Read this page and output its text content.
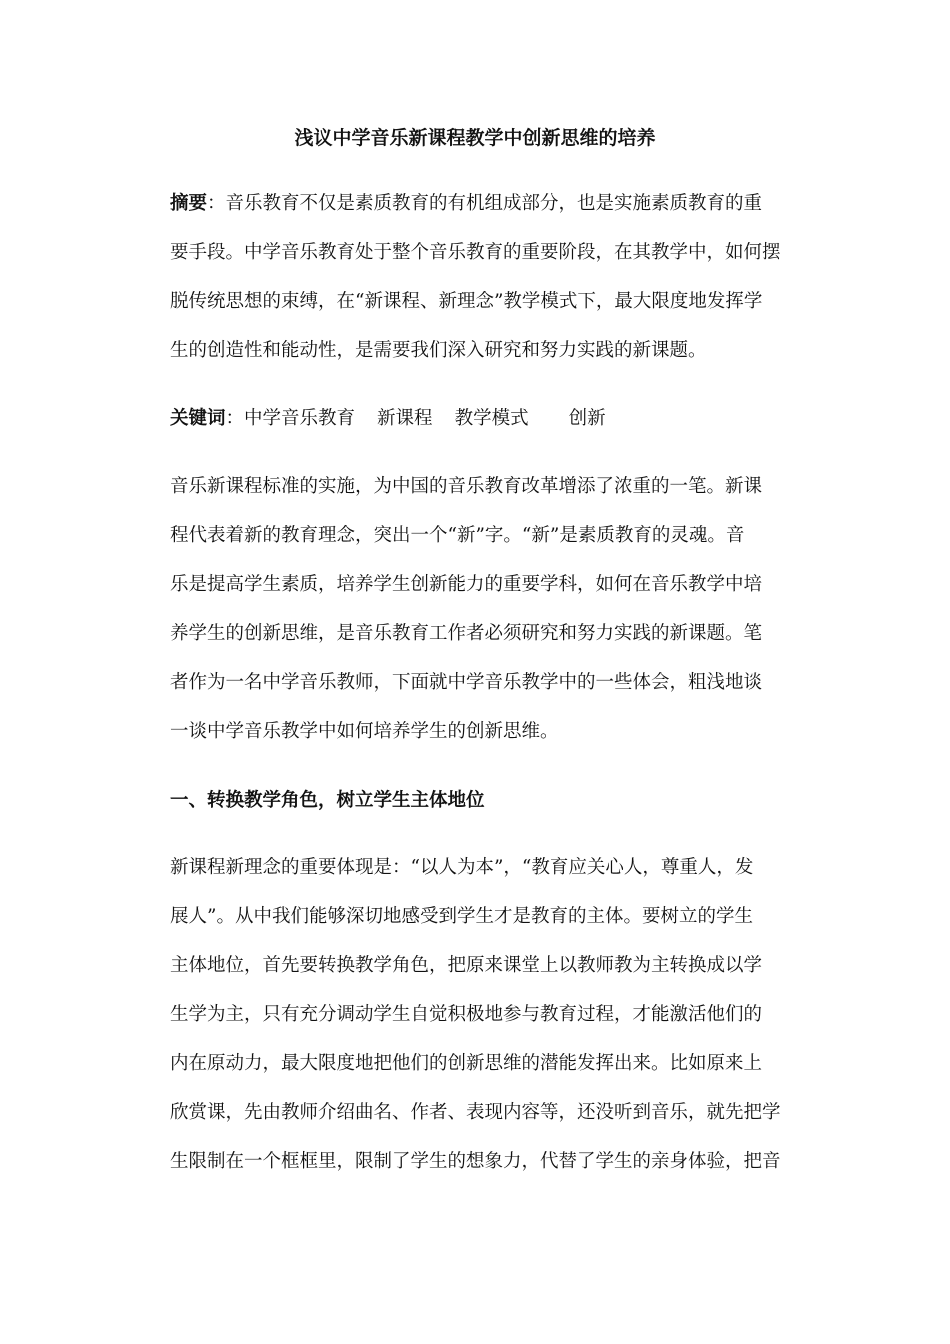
浅议中学音乐新课程教学中创新思维的培养
摘要：音乐教育不仅是素质教育的有机组成部分，也是实施素质教育的重
要手段。中学音乐教育处于整个音乐教育的重要阶段，在其教学中，如何摆
脱传统思想的束缚，在“新课程、新理念”教学模式下，最大限度地发挥学
生的创造性和能动性，是需要我们深入研究和努力实践的新课题。
关键词：中学音乐教育 新课程 教学模式 创新
音乐新课程标准的实施，为中国的音乐教育改革增添了浓重的一笔。新课
程代表着新的教育理念，突出一个“新”字。“新”是素质教育的灵魂。音
乐是提高学生素质，培养学生创新能力的重要学科，如何在音乐教学中培
养学生的创新思维，是音乐教育工作者必须研究和努力实践的新课题。笔
者作为一名中学音乐教师，下面就中学音乐教学中的一些体会，粗浅地谈
一谈中学音乐教学中如何培养学生的创新思维。
一、转换教学角色，树立学生主体地位
新课程新理念的重要体现是：“以人为本”，“教育应关心人，尊重人，发
展人”。从中我们能够深切地感受到学生才是教育的主体。要树立的学生
主体地位，首先要转换教学角色，把原来课堂上以教师教为主转换成以学
生学为主，只有充分调动学生自觉积极地参与教育过程，才能激活他们的
内在原动力，最大限度地把他们的创新思维的潜能发挥出来。比如原来上
欣赏课，先由教师介绍曲名、作者、表现内容等，还没听到音乐，就先把学
生限制在一个框框里，限制了学生的想象力，代替了学生的亲身体验，把音
